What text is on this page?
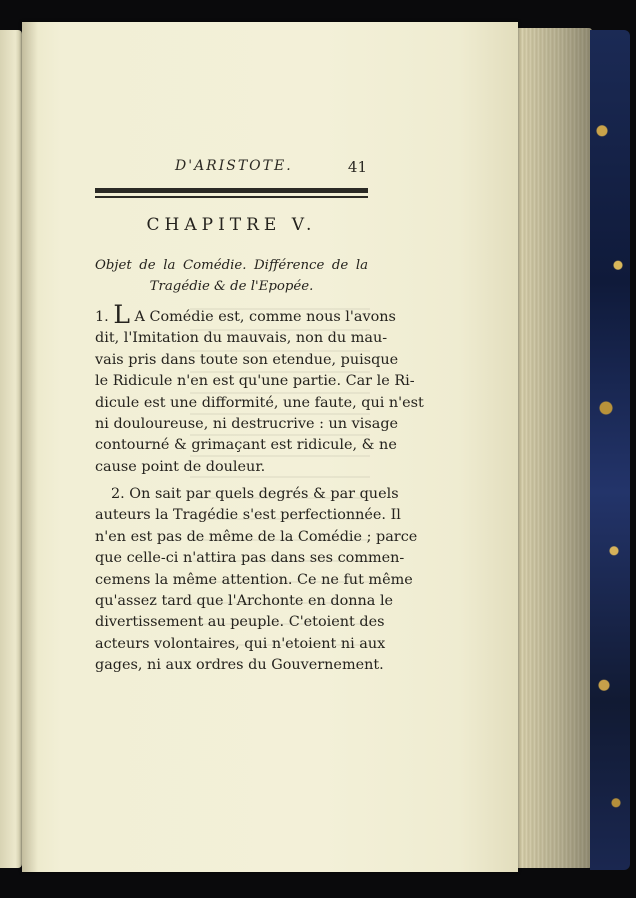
D'ARISTOTE.	41
CHAPITRE V.
Objet de la Comédie. Différence de la
Tragédie & de l'Epopée.
1. L A Comédie est, comme nous l'avons
dit, l'Imitation du mauvais, non du mau-
vais pris dans toute son etendue, puisque
le Ridicule n'en est qu'une partie. Car le Ri-
dicule est une difformité, une faute, qui n'est
ni douloureuse, ni destrucrive : un visage
contourné & grimaçant est ridicule, & ne
cause point de douleur.
2. On sait par quels degrés & par quels
auteurs la Tragédie s'est perfectionnée. Il
n'en est pas de même de la Comédie ; parce
que celle-ci n'attira pas dans ses commen-
cemens la même attention. Ce ne fut même
qu'assez tard que l'Archonte en donna le
divertissement au peuple. C'etoient des
acteurs volontaires, qui n'etoient ni aux
gages, ni aux ordres du Gouvernement.
